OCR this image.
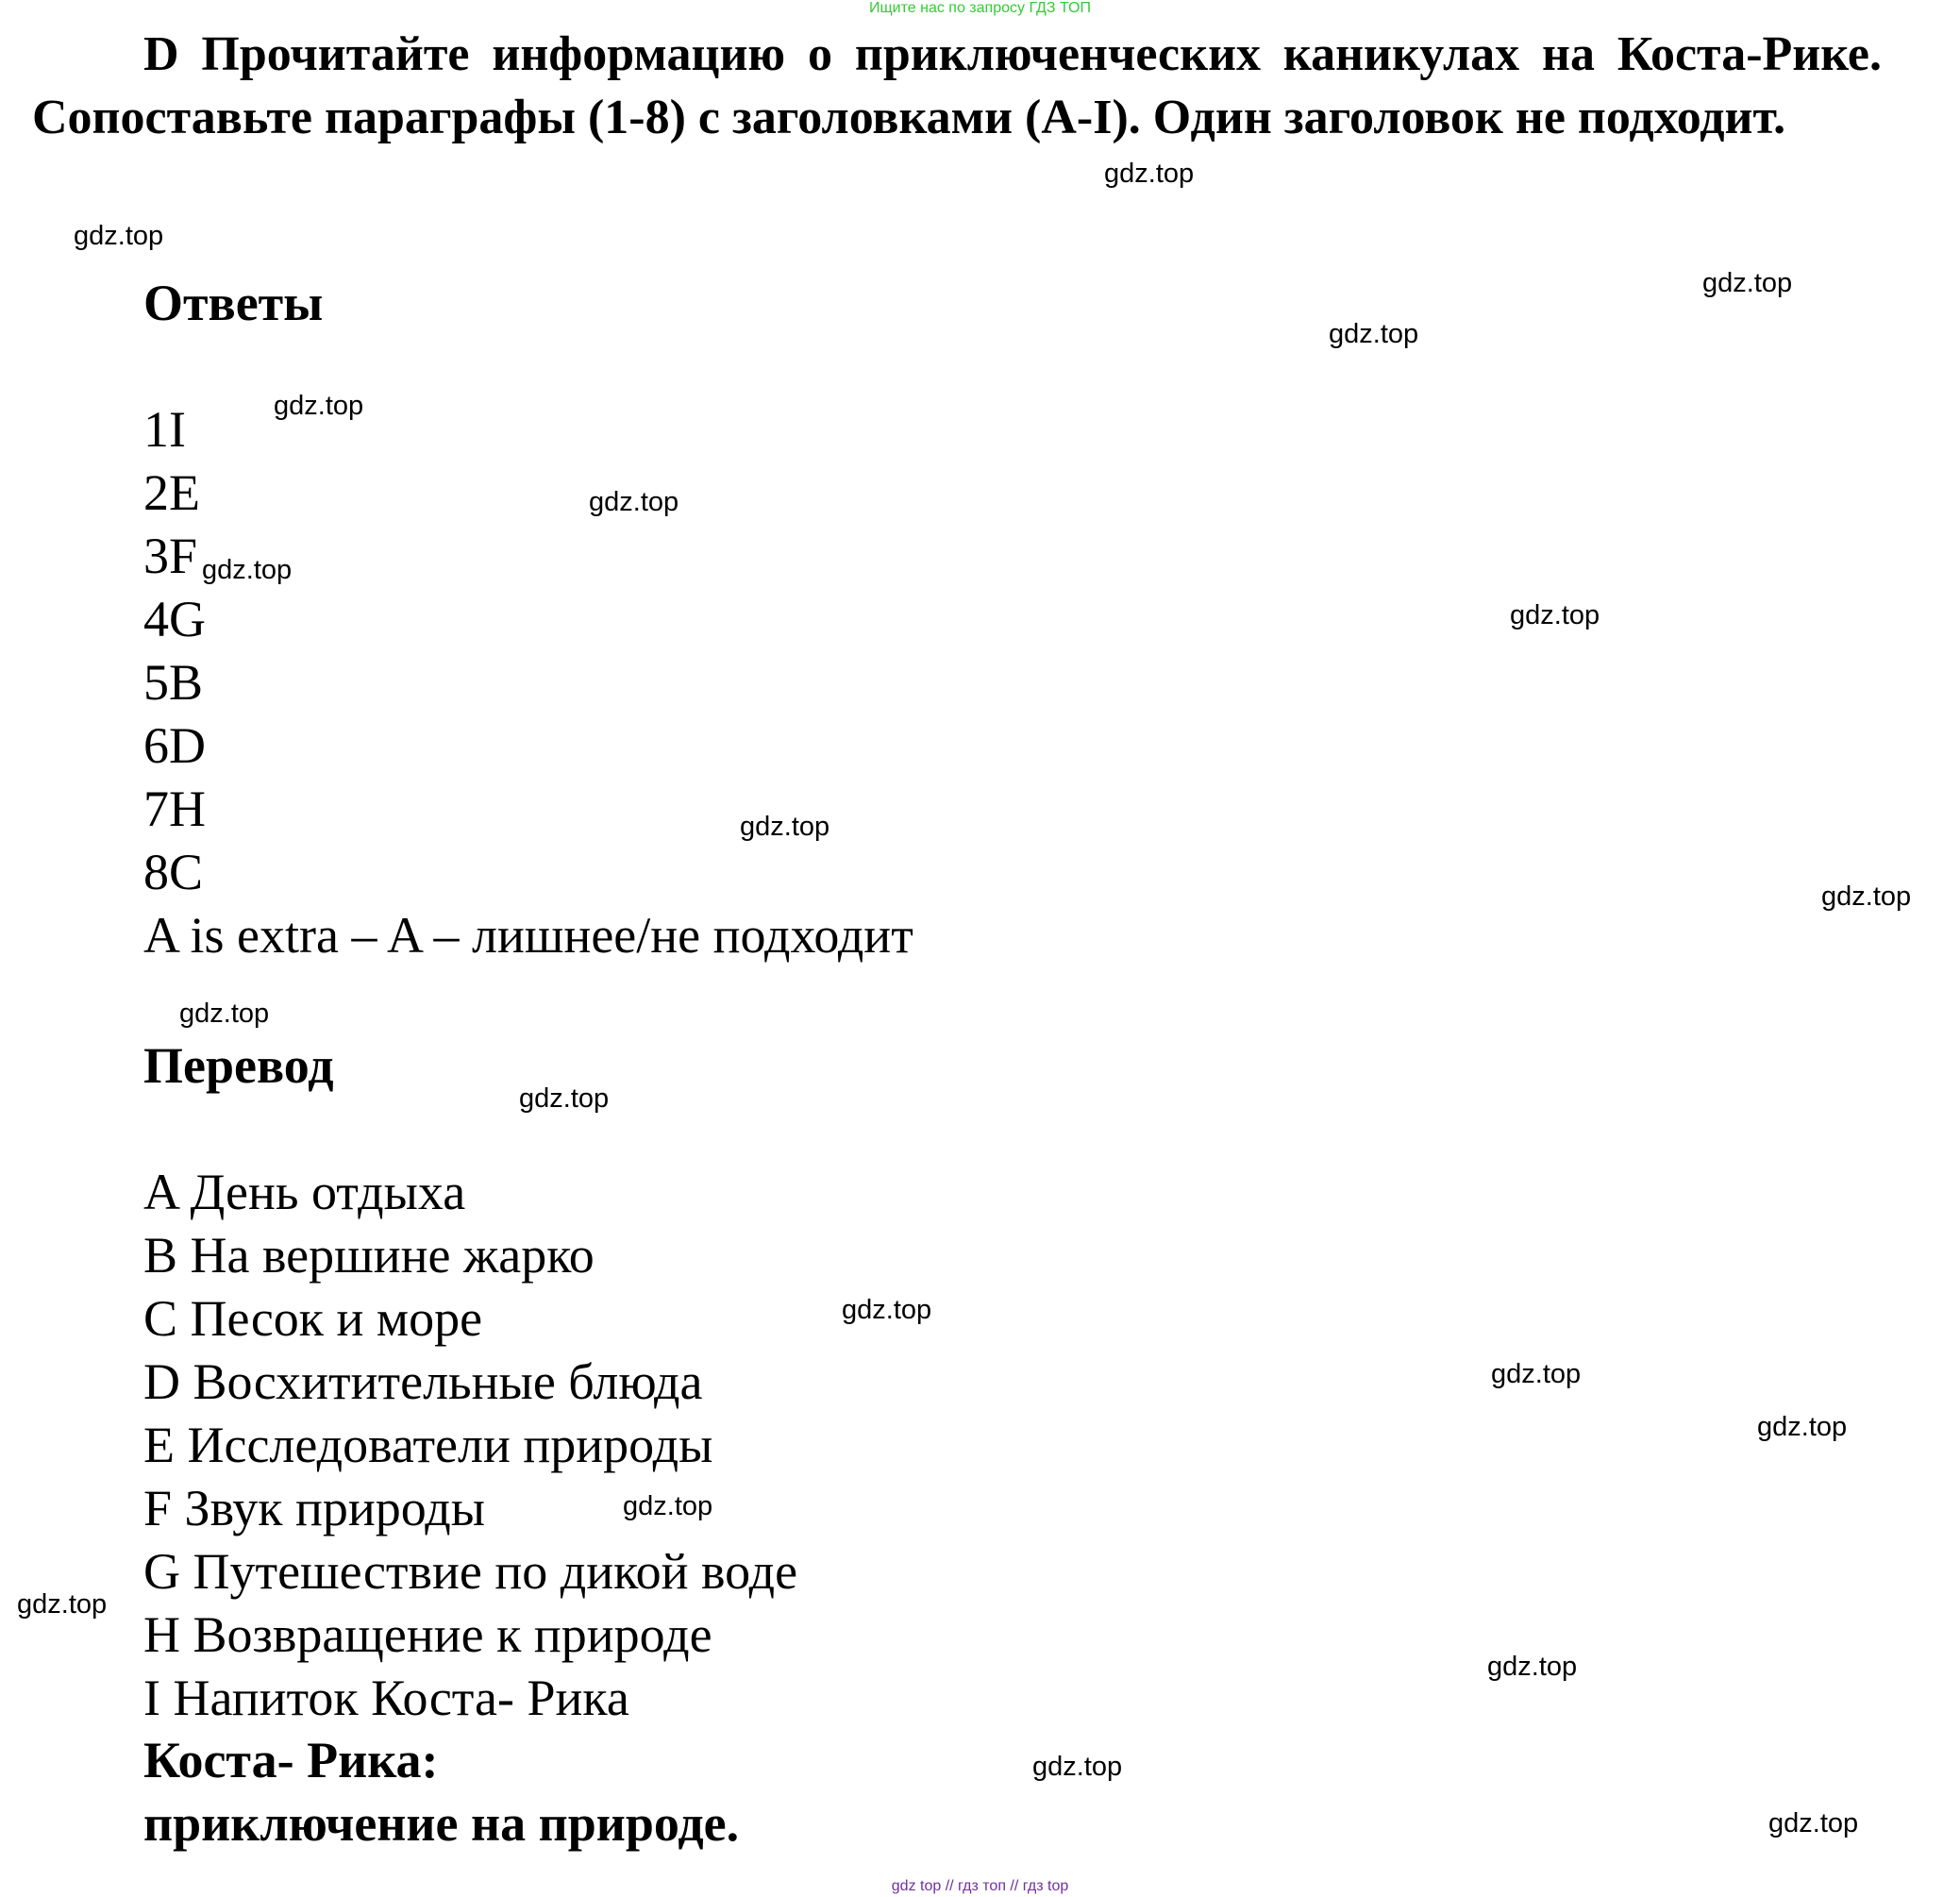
Ищите нас по запросу ГДЗ ТОП
D Прочитайте информацию о приключенческих каникулах на Коста-Рике. Сопоставьте параграфы (1-8) с заголовками (A-I). Один заголовок не подходит.
Ответы
1I
2E
3F
4G
5B
6D
7H
8C
A is extra – A – лишнее/не подходит
Перевод
A День отдыха
B На вершине жарко
C Песок и море
D Восхитительные блюда
E Исследователи природы
F Звук природы
G Путешествие по дикой воде
H Возвращение к природе
I Напиток Коста- Рика
Коста- Рика:
приключение на природе.
gdz.top
gdz.top
gdz.top
gdz.top
gdz.top
gdz.top
gdz.top
gdz.top
gdz.top
gdz.top
gdz.top
gdz.top
gdz.top
gdz.top
gdz.top
gdz.top
gdz.top
gdz.top
gdz.top
gdz.top
gdz top // гдз топ // гдз top
